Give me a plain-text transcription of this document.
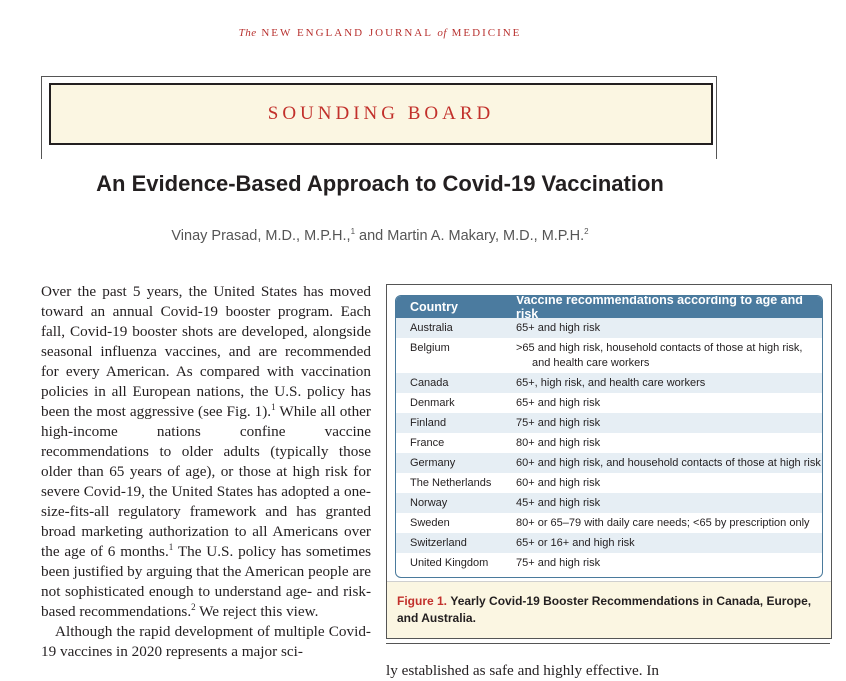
The NEW ENGLAND JOURNAL of MEDICINE
SOUNDING BOARD
An Evidence-Based Approach to Covid-19 Vaccination
Vinay Prasad, M.D., M.P.H.,$^1$ and Martin A. Makary, M.D., M.P.H.$^2$

Over the past 5 years, the United States has moved toward an annual Covid-19 booster program. Each fall, Covid-19 booster shots are developed, alongside seasonal influenza vaccines, and are recommended for every American. As compared with vaccination policies in all European nations, the U.S. policy has been the most aggressive (see Fig. 1).$^1$ While all other high-income nations confine vaccine recommendations to older adults (typically those older than 65 years of age), or those at high risk for severe Covid-19, the United States has adopted a one-size-fits-all regulatory framework and has granted broad marketing authorization to all Americans over the age of 6 months.$^1$ The U.S. policy has sometimes been justified by arguing that the American people are not sophisticated enough to understand age- and risk-based recommendations.$^2$ We reject this view.

Although the rapid development of multiple Covid-19 vaccines in 2020 represents a major sci-

Country	Vaccine recommendations according to age and risk
Australia	65+ and high risk
Belgium	>65 and high risk, household contacts of those at high risk,
and health care workers
Canada	65+, high risk, and health care workers
Denmark	65+ and high risk
Finland	75+ and high risk
France	80+ and high risk
Germany	60+ and high risk, and household contacts of those at high risk
The Netherlands	60+ and high risk
Norway	45+ and high risk
Sweden	80+ or 65–79 with daily care needs; <65 by prescription only
Switzerland	65+ or 16+ and high risk
United Kingdom	75+ and high risk
Figure 1. Yearly Covid-19 Booster Recommendations in Canada, Europe, and Australia.
ly established as safe and highly effective. In
